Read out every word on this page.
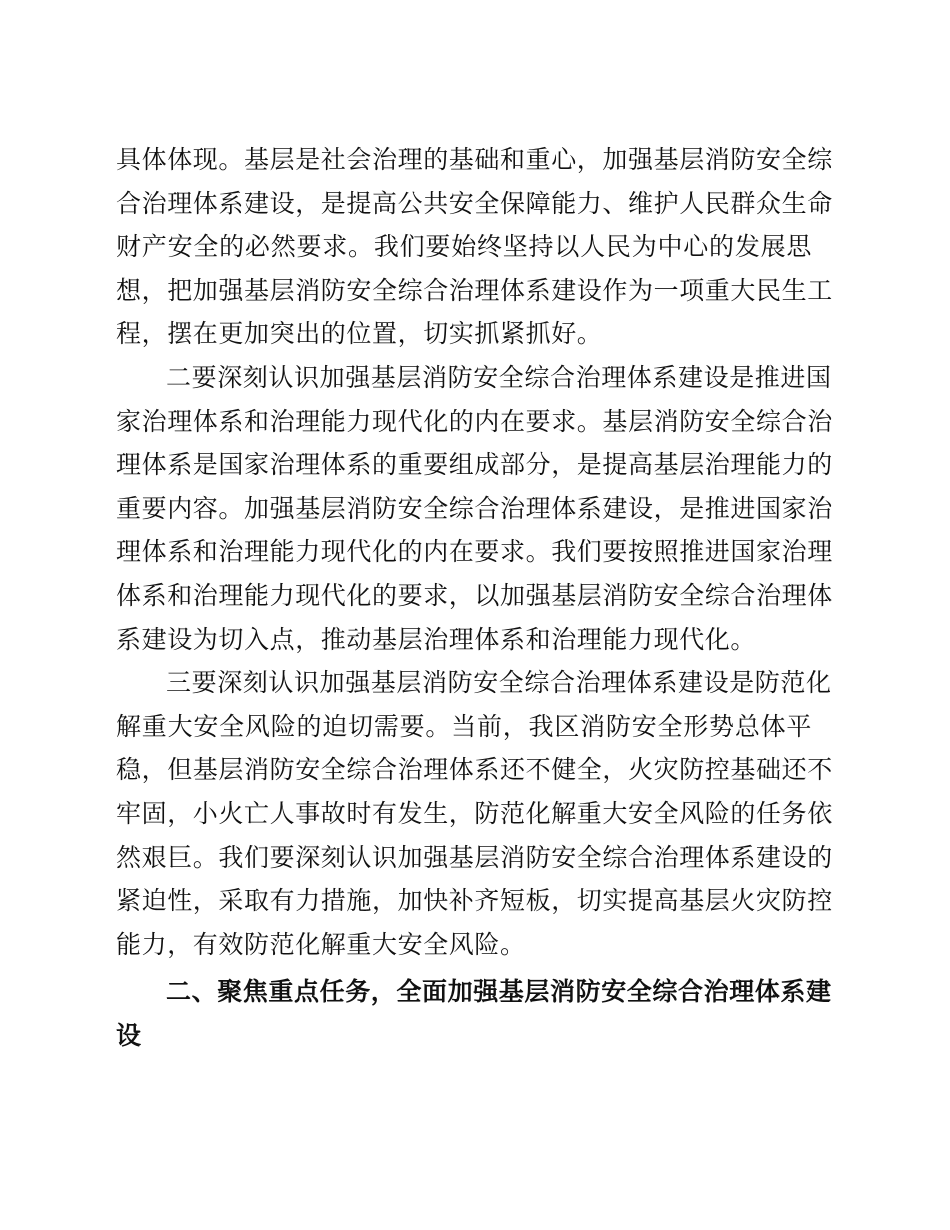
具体体现。基层是社会治理的基础和重心，加强基层消防安全综
合治理体系建设，是提高公共安全保障能力、维护人民群众生命
财产安全的必然要求。我们要始终坚持以人民为中心的发展思
想，把加强基层消防安全综合治理体系建设作为一项重大民生工
程，摆在更加突出的位置，切实抓紧抓好。
二要深刻认识加强基层消防安全综合治理体系建设是推进国
家治理体系和治理能力现代化的内在要求。基层消防安全综合治
理体系是国家治理体系的重要组成部分，是提高基层治理能力的
重要内容。加强基层消防安全综合治理体系建设，是推进国家治
理体系和治理能力现代化的内在要求。我们要按照推进国家治理
体系和治理能力现代化的要求，以加强基层消防安全综合治理体
系建设为切入点，推动基层治理体系和治理能力现代化。
三要深刻认识加强基层消防安全综合治理体系建设是防范化
解重大安全风险的迫切需要。当前，我区消防安全形势总体平
稳，但基层消防安全综合治理体系还不健全，火灾防控基础还不
牢固，小火亡人事故时有发生，防范化解重大安全风险的任务依
然艰巨。我们要深刻认识加强基层消防安全综合治理体系建设的
紧迫性，采取有力措施，加快补齐短板，切实提高基层火灾防控
能力，有效防范化解重大安全风险。
二、聚焦重点任务，全面加强基层消防安全综合治理体系建
设
